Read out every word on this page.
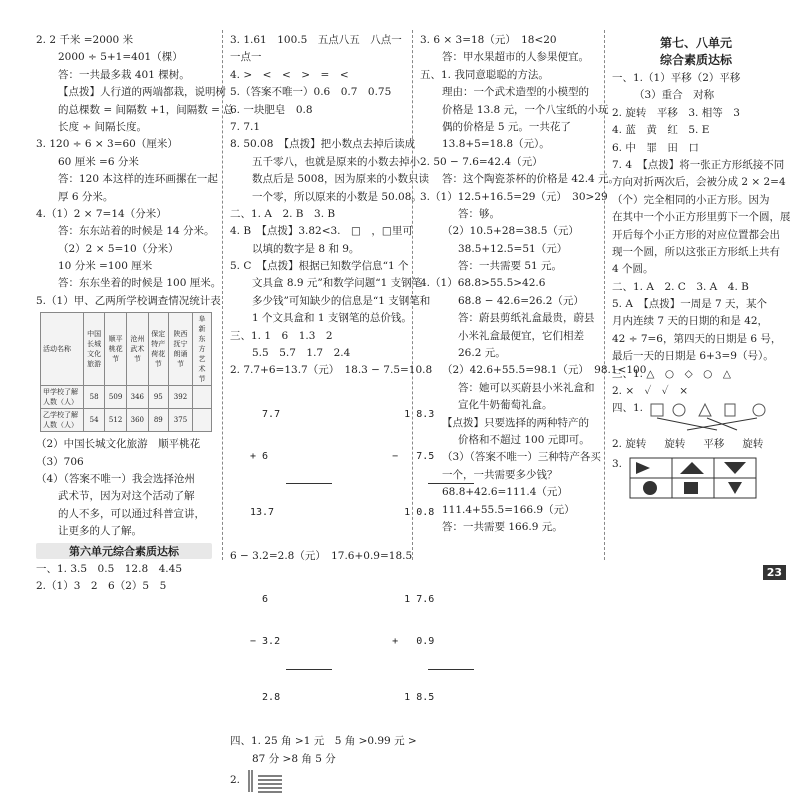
2. 2 千米 =2000 米
2000 ÷ 5+1=401（棵）
答：一共最多栽 401 棵树。
【点拨】人行道的两端都栽，说明树
的总棵数 = 间隔数 +1，间隔数 = 总
长度 ÷ 间隔长度。
3. 120 ÷ 6 × 3=60（厘米）
60 厘米 =6 分米
答：120 本这样的连环画摞在一起
厚 6 分米。
4.（1）2 × 7=14（分米）
答：东东站着的时候是 14 分米。
（2）2 × 5=10（分米）
10 分米 =100 厘米
答：东东坐着的时候是 100 厘米。
5.（1）甲、乙两所学校调查情况统计表
活动名称	中国长城文化旅游	顺平桃花节	沧州武术节	保定特产荷花节	陕西抚宁 朗诵节	阜新东方 艺术节
甲学校了解人数（人）	58	509	346	95	392	
乙学校了解人数（人）	54	512	360	89	375	
（2）中国长城文化旅游　顺平桃花
（3）706
（4）（答案不唯一）我会选择沧州
武术节，因为对这个活动了解
的人不多，可以通过科普宣讲，
让更多的人了解。
第六单元综合素质达标
一、1. 3.5　0.5　12.8　4.45
2.（1）3　2　6（2）5　5
3. 1.61　100.5　五点八五　八点一
一点一
4. >　<　<　>　=　<
5.（答案不唯一）0.6　0.7　0.75
6. 一块肥皂　0.8
7. 7.1
8. 50.08　【点拨】把小数点去掉后读成
五千零八，也就是原来的小数去掉小
数点后是 5008，因为原来的小数只读
一个零，所以原来的小数是 50.08。
二、1. A　2. B　3. B
4. B　【点拨】3.82<3.　□　，□里可
以填的数字是 8 和 9。
5. C　【点拨】根据已知数学信息“1 个
文具盒 8.9 元”和数学问题“1 支钢笔
多少钱”可知缺少的信息是“1 支钢笔和
1 个文具盒和 1 支钢笔的总价钱。
三、1. 1　6　1.3　2
5.5　5.7　1.7　2.4
2. 7.7+6=13.7（元）　18.3 − 7.5=10.8

7.7

+ 6

13.7

1 8.3

−   7.5

1 0.8

6 − 3.2=2.8（元）　17.6+0.9=18.5

6

− 3.2

2.8

1 7.6

+   0.9

1 8.5

四、1. 25 角 >1 元　5 角 >0.99 元 >
87 分 >8 角 5 分
2.
3. 6 × 3=18（元）　18<20
答：甲水果超市的人参果便宜。
五、1. 我同意聪聪的方法。
理由：一个武术造型的小模型的
价格是 13.8 元，一个八宝纸的小玩
偶的价格是 5 元。一共花了
13.8+5=18.8（元）。
2. 50 − 7.6=42.4（元）
答：这个陶瓷茶杯的价格是 42.4 元。
3.（1）12.5+16.5=29（元）　30>29
答：够。
（2）10.5+28=38.5（元）
38.5+12.5=51（元）
答：一共需要 51 元。
4.（1）68.8>55.5>42.6
68.8 − 42.6=26.2（元）
答：蔚县剪纸礼盒最贵，蔚县
小米礼盒最便宜，它们相差
26.2 元。
（2）42.6+55.5=98.1（元）　98.1<100
答：她可以买蔚县小米礼盒和
宣化牛奶葡萄礼盒。
【点拨】只要选择的两种特产的
价格和不超过 100 元即可。
（3）（答案不唯一）三种特产各买
一个，一共需要多少钱？
68.8+42.6=111.4（元）
111.4+55.5=166.9（元）
答：一共需要 166.9 元。
第七、八单元
综合素质达标
一、1.（1）平移（2）平移
（3）重合　对称
2. 旋转　平移　3. 相等　3
4. 蓝　黄　红　5. E
6. 中　罪　田　口
7. 4　【点拨】将一张正方形纸接不同
方向对折两次后，会被分成 2 × 2=4
（个）完全相同的小正方形。因为
在其中一个小正方形里剪下一个圆，展
开后每个小正方形的对应位置都会出
现一个圆，所以这张正方形纸上共有
4 个圆。
二、1. A　2. C　3. A　4. B
5. A　【点拨】一周是 7 天，某个
月内连续 7 天的日期的和是 42，
42 ÷ 7=6，第四天的日期是 6 号，
最后一天的日期是 6+3=9（号）。
三、1. △　○　◇　○　△
2. ×　✓　✓　×
四、1.
2. 旋转 旋转 平移 旋转
3.
23
